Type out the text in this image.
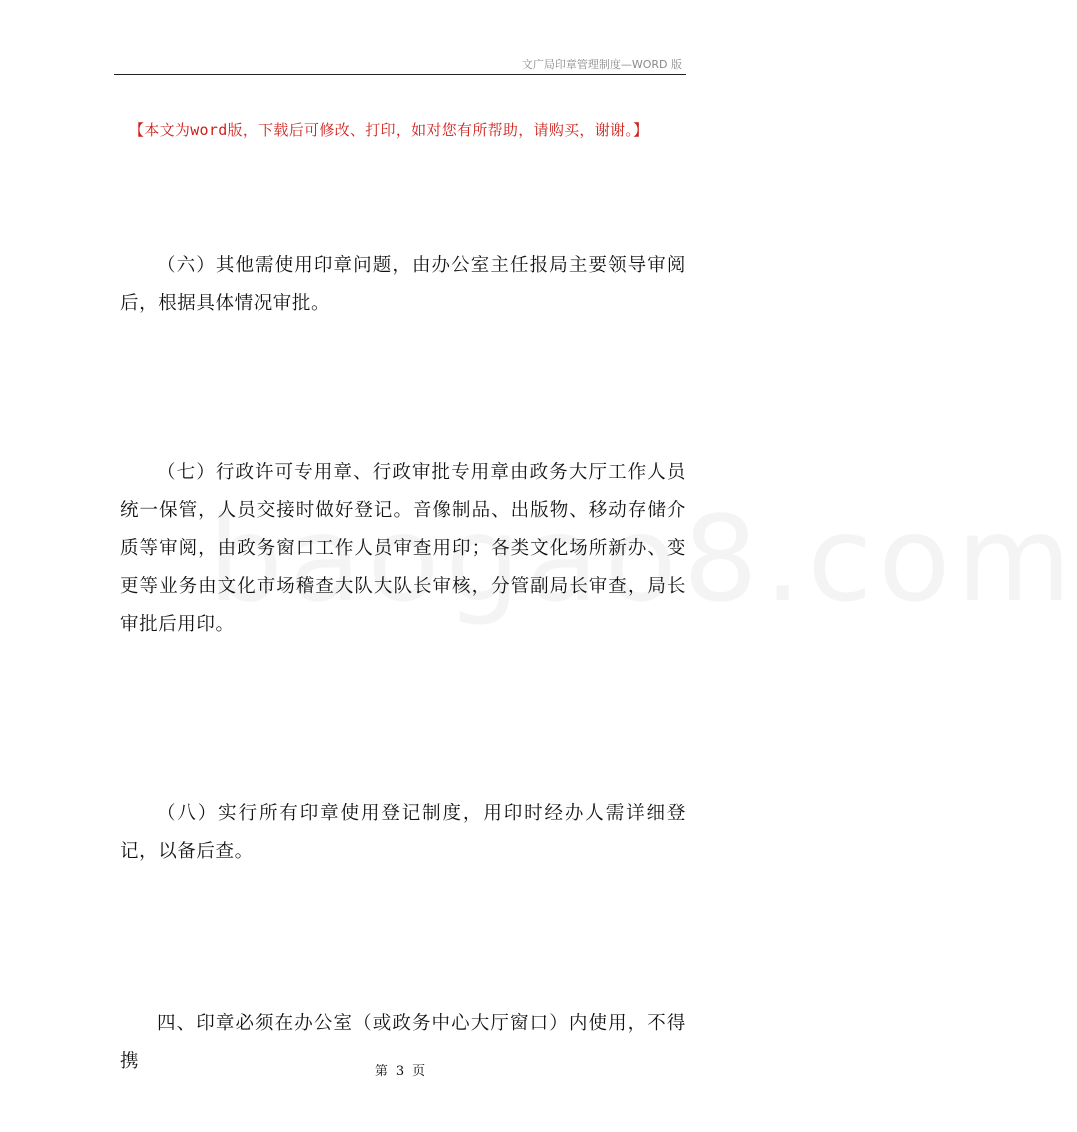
文广局印章管理制度—WORD 版
【本文为word版，下载后可修改、打印，如对您有所帮助，请购买，谢谢。】
（六）其他需使用印章问题，由办公室主任报局主要领导审阅后，根据具体情况审批。
（七）行政许可专用章、行政审批专用章由政务大厅工作人员统一保管，人员交接时做好登记。音像制品、出版物、移动存储介质等审阅，由政务窗口工作人员审查用印；各类文化场所新办、变更等业务由文化市场稽查大队大队长审核，分管副局长审查，局长审批后用印。
（八）实行所有印章使用登记制度，用印时经办人需详细登记，以备后查。
四、印章必须在办公室（或政务中心大厅窗口）内使用，不得携	第 3 页
